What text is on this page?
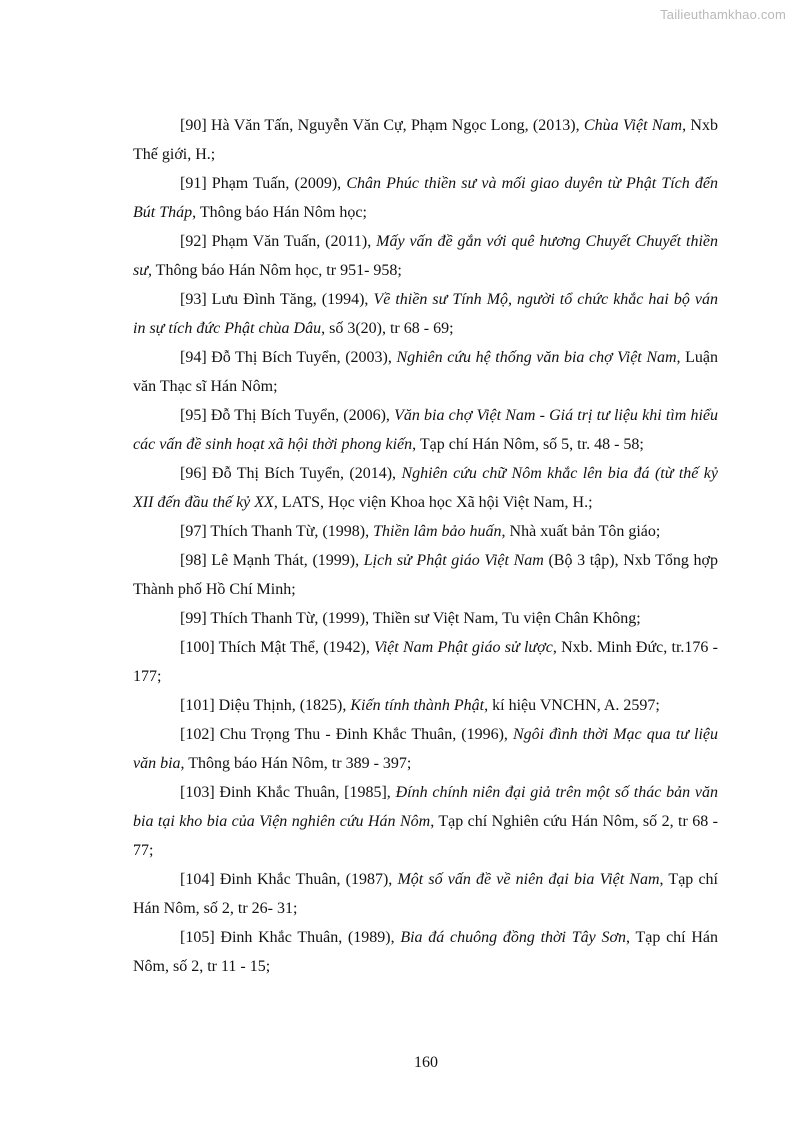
Tailieuthamkhao.com

[90] Hà Văn Tấn, Nguyễn Văn Cự, Phạm Ngọc Long, (2013), Chùa Việt Nam, Nxb Thế giới, H.;

[91] Phạm Tuấn, (2009), Chân Phúc thiền sư và mối giao duyên từ Phật Tích đến Bút Tháp, Thông báo Hán Nôm học;

[92] Phạm Văn Tuấn, (2011), Mấy vấn đề gắn với quê hương Chuyết Chuyết thiền sư, Thông báo Hán Nôm học, tr 951- 958;

[93] Lưu Đình Tăng, (1994), Về thiền sư Tính Mộ, người tổ chức khắc hai bộ ván in sự tích đức Phật chùa Dâu, số 3(20), tr 68 - 69;

[94] Đỗ Thị Bích Tuyển, (2003), Nghiên cứu hệ thống văn bia chợ Việt Nam, Luận văn Thạc sĩ Hán Nôm;

[95] Đỗ Thị Bích Tuyển, (2006), Văn bia chợ Việt Nam - Giá trị tư liệu khi tìm hiểu các vấn đề sinh hoạt xã hội thời phong kiến, Tạp chí Hán Nôm, số 5, tr. 48 - 58;

[96] Đỗ Thị Bích Tuyển, (2014), Nghiên cứu chữ Nôm khắc lên bia đá (từ thế kỷ XII đến đầu thế kỷ XX, LATS, Học viện Khoa học Xã hội Việt Nam, H.;

[97] Thích Thanh Từ, (1998), Thiền lâm bảo huấn, Nhà xuất bản Tôn giáo;

[98] Lê Mạnh Thát, (1999), Lịch sử Phật giáo Việt Nam (Bộ 3 tập), Nxb Tổng hợp Thành phố Hồ Chí Minh;

[99] Thích Thanh Từ, (1999), Thiền sư Việt Nam, Tu viện Chân Không;

[100] Thích Mật Thể, (1942), Việt Nam Phật giáo sử lược, Nxb. Minh Đức, tr.176 - 177;

[101] Diệu Thịnh, (1825), Kiến tính thành Phật, kí hiệu VNCHN, A. 2597;

[102] Chu Trọng Thu - Đinh Khắc Thuân, (1996), Ngôi đình thời Mạc qua tư liệu văn bia, Thông báo Hán Nôm, tr 389 - 397;

[103] Đinh Khắc Thuân, [1985], Đính chính niên đại giả trên một số thác bản văn bia tại kho bia của Viện nghiên cứu Hán Nôm, Tạp chí Nghiên cứu Hán Nôm, số 2, tr 68 - 77;

[104] Đinh Khắc Thuân, (1987), Một số vấn đề về niên đại bia Việt Nam, Tạp chí Hán Nôm, số 2, tr 26- 31;

[105] Đinh Khắc Thuân, (1989), Bia đá chuông đồng thời Tây Sơn, Tạp chí Hán Nôm, số 2, tr 11 - 15;

160
